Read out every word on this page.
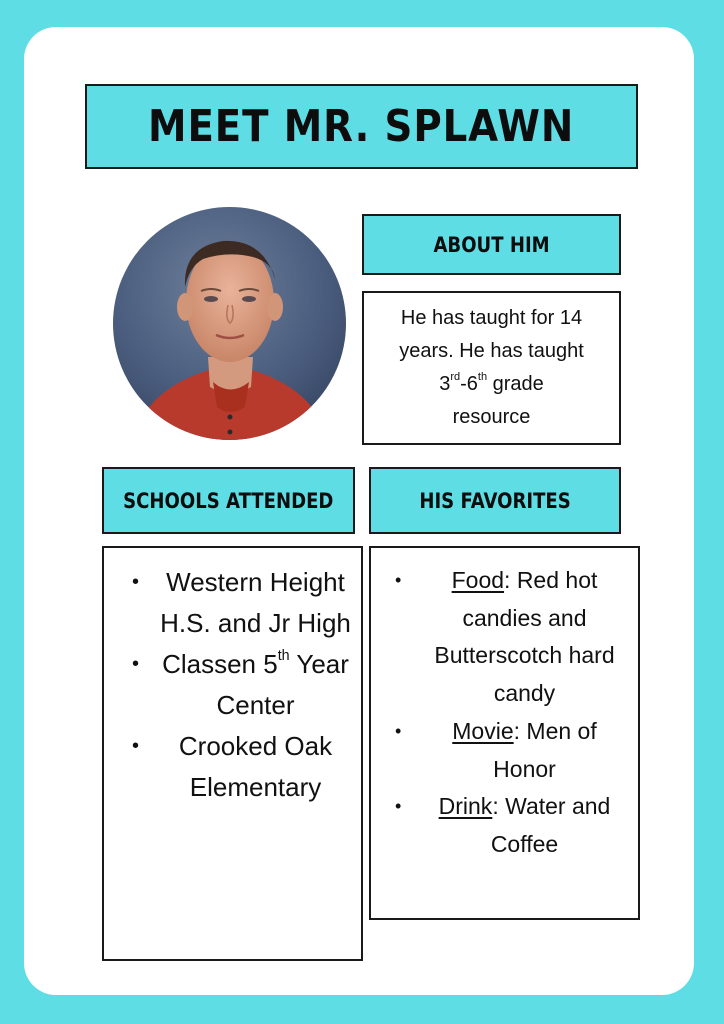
MEET MR. SPLAWN
ABOUT HIM
He has taught for 14
years. He has taught
3rd-6th grade
resource
SCHOOLS ATTENDED	HIS FAVORITES
• Western Height H.S. and Jr High
• Classen 5th Year Center
• Crooked Oak Elementary
• Food: Red hot candies and Butterscotch hard candy
• Movie: Men of Honor
• Drink: Water and Coffee
